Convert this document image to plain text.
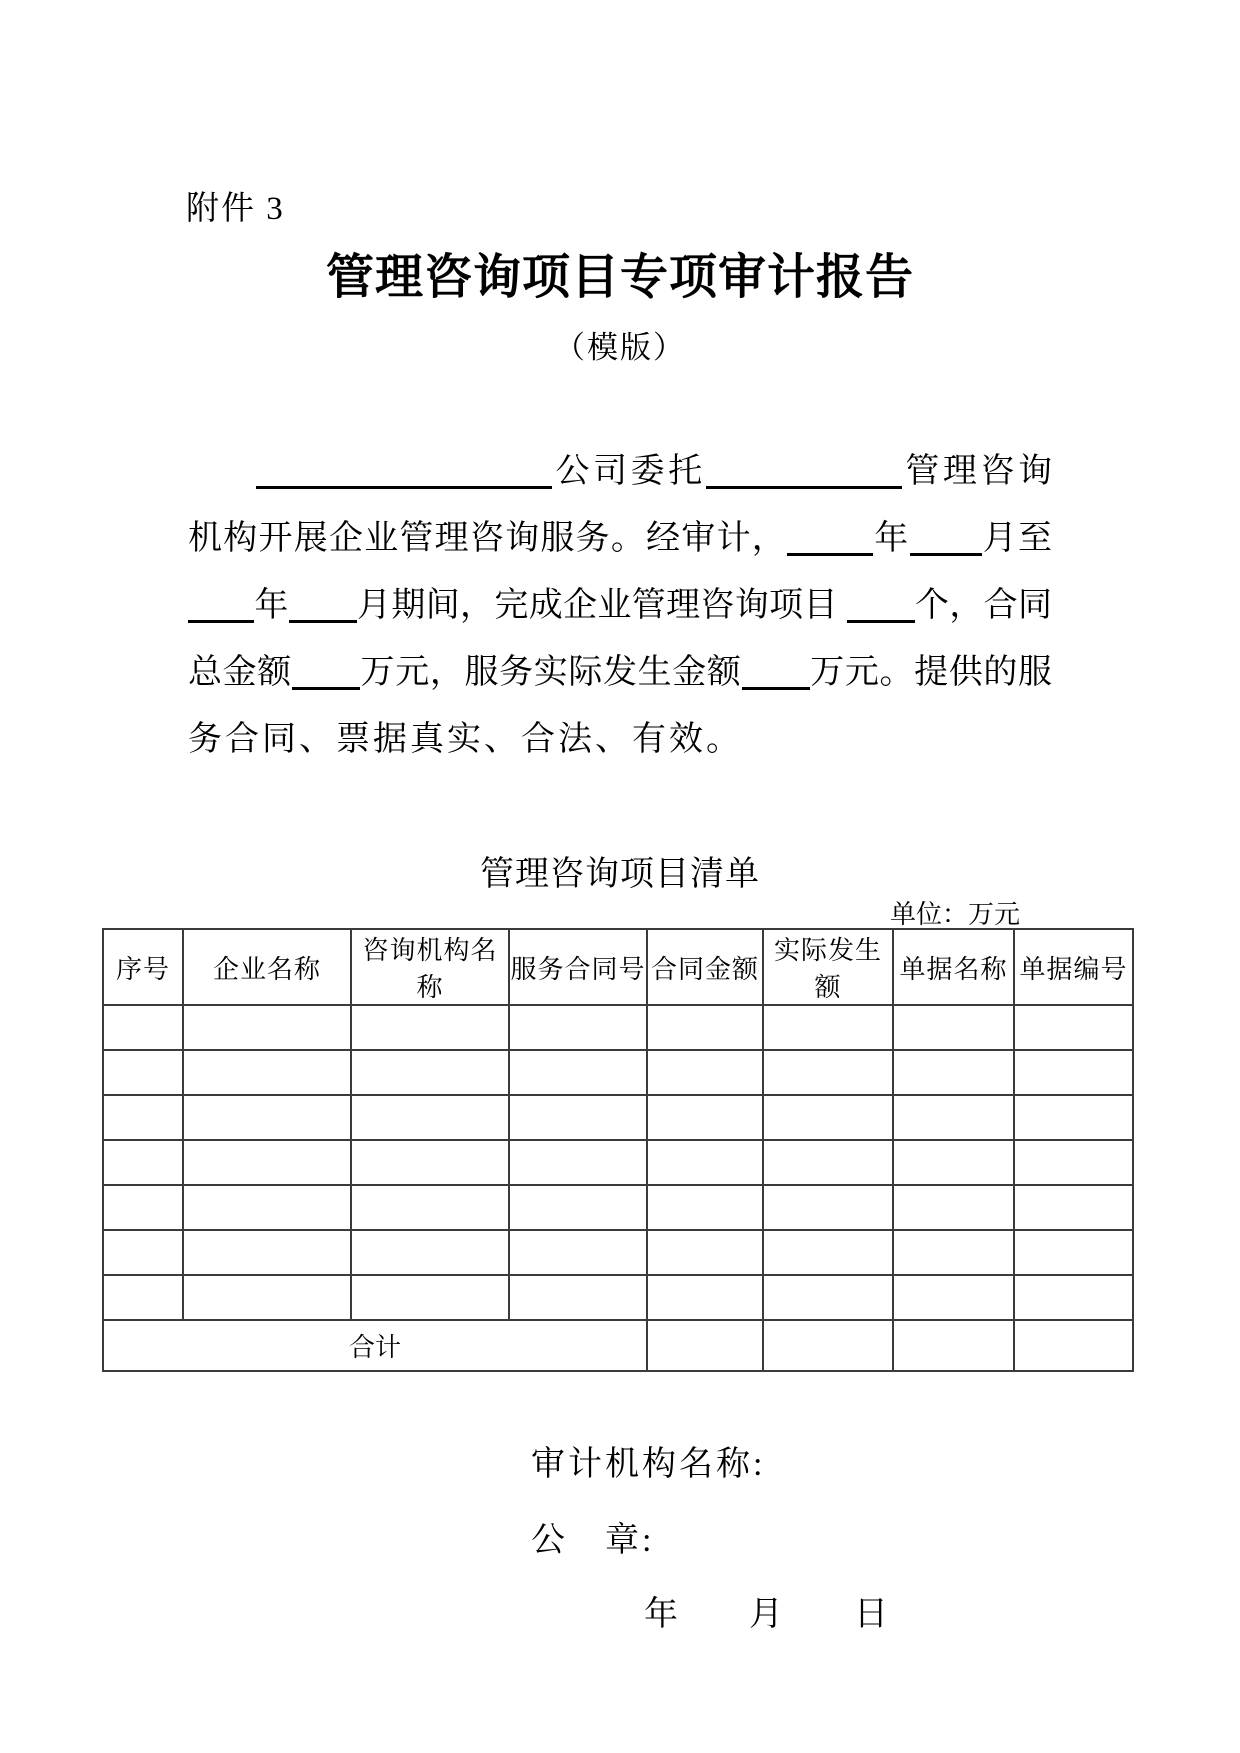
附件 3
管理咨询项目专项审计报告
（模版）
公司委托	管理咨询
机构开展企业管理咨询服务。经审计，	年 月至
年 月期间，完成企业管理咨询项目 个，合同
总金额 万元，服务实际发生金额 万元。提供的服
务合同、票据真实、合法、有效。
管理咨询项目清单
单位：万元
序号	企业名称	咨询机构名称	服务合同号	合同金额	实际发生额	单据名称	单据编号

合计							
审计机构名称:
公　章:
年　　月　　日
